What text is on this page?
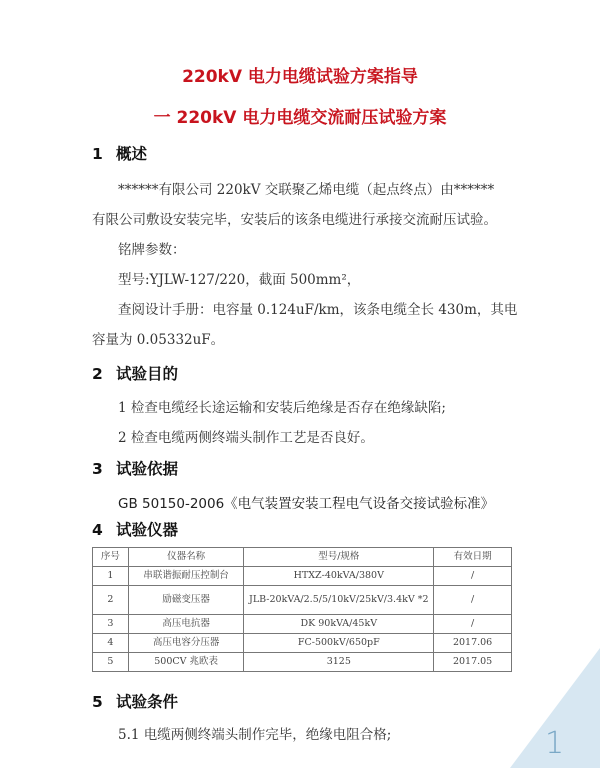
220kV 电力电缆试验方案指导
一 220kV 电力电缆交流耐压试验方案
1 概述
******有限公司 220kV 交联聚乙烯电缆（起点终点）由******
有限公司敷设安装完毕，安装后的该条电缆进行承接交流耐压试验。
铭牌参数：
型号:YJLW-127/220，截面 500mm²，
查阅设计手册：电容量 0.124uF/km，该条电缆全长 430m，其电
容量为 0.05332uF。
2 试验目的
1 检查电缆经长途运输和安装后绝缘是否存在绝缘缺陷;
2 检查电缆两侧终端头制作工艺是否良好。
3 试验依据
GB 50150-2006《电气装置安装工程电气设备交接试验标准》
4 试验仪器
序号	仪器名称	型号/规格	有效日期
1	串联谐振耐压控制台	HTXZ-40kVA/380V	/
2	励磁变压器	JLB-20kVA/2.5/5/10kV/25kV/3.4kV *2	/
3	高压电抗器	DK 90kVA/45kV	/
4	高压电容分压器	FC-500kV/650pF	2017.06
5	500CV 兆欧表	3125	2017.05
5 试验条件
5.1 电缆两侧终端头制作完毕，绝缘电阻合格;	1
